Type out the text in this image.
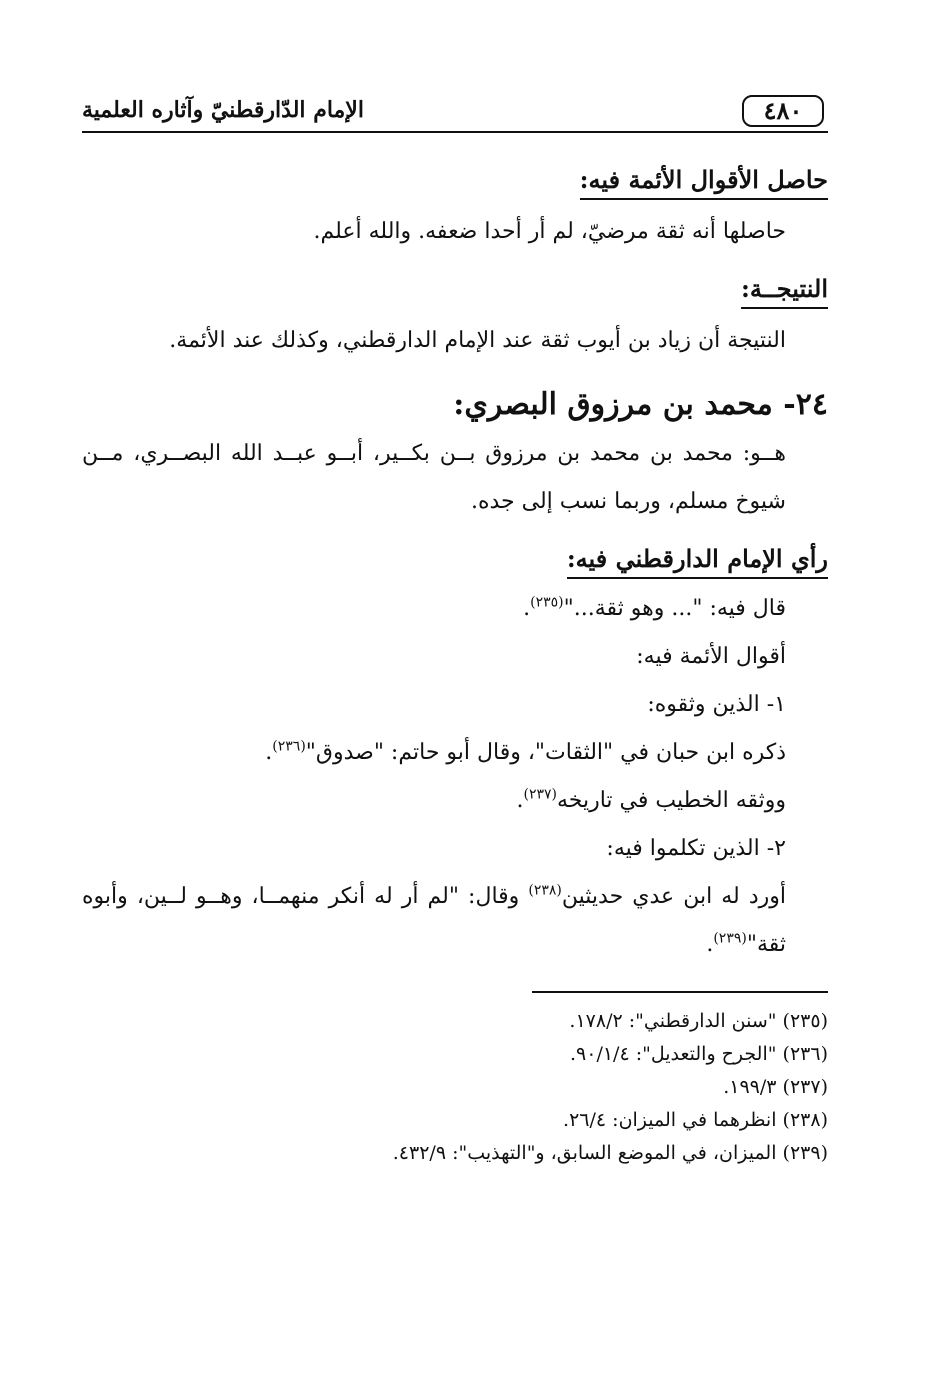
٤٨٠
الإمام الدّارقطنيّ وآثاره العلمية
حاصل الأقوال الأئمة فيه:

حاصلها أنه ثقة مرضيّ، لم أر أحدا ضعفه. والله أعلم.

النتيجــة:

النتيجة أن زياد بن أيوب ثقة عند الإمام الدارقطني، وكذلك عند الأئمة.

٢٤- محمد بن مرزوق البصري:

هــو: محمد بن محمد بن مرزوق بــن بكــير، أبــو عبــد الله البصــري، مــن شيوخ مسلم، وربما نسب إلى جده.

رأي الإمام الدارقطني فيه:

قال فيه: "... وهو ثقة..."$^{(٢٣٥)}$.

أقوال الأئمة فيه:

١- الذين وثقوه:

ذكره ابن حبان في "الثقات"، وقال أبو حاتم: "صدوق"$^{(٢٣٦)}$.

ووثقه الخطيب في تاريخه$^{(٢٣٧)}$.

٢- الذين تكلموا فيه:

أورد له ابن عدي حديثين$^{(٢٣٨)}$ وقال: "لم أر له أنكر منهمــا، وهــو لــين، وأبوه ثقة"$^{(٢٣٩)}$.

(٢٣٥) "سنن الدارقطني": ١٧٨/٢.

(٢٣٦) "الجرح والتعديل": ٩٠/١/٤.

(٢٣٧) ١٩٩/٣.

(٢٣٨) انظرهما في الميزان: ٢٦/٤.

(٢٣٩) الميزان، في الموضع السابق، و"التهذيب": ٤٣٢/٩.
